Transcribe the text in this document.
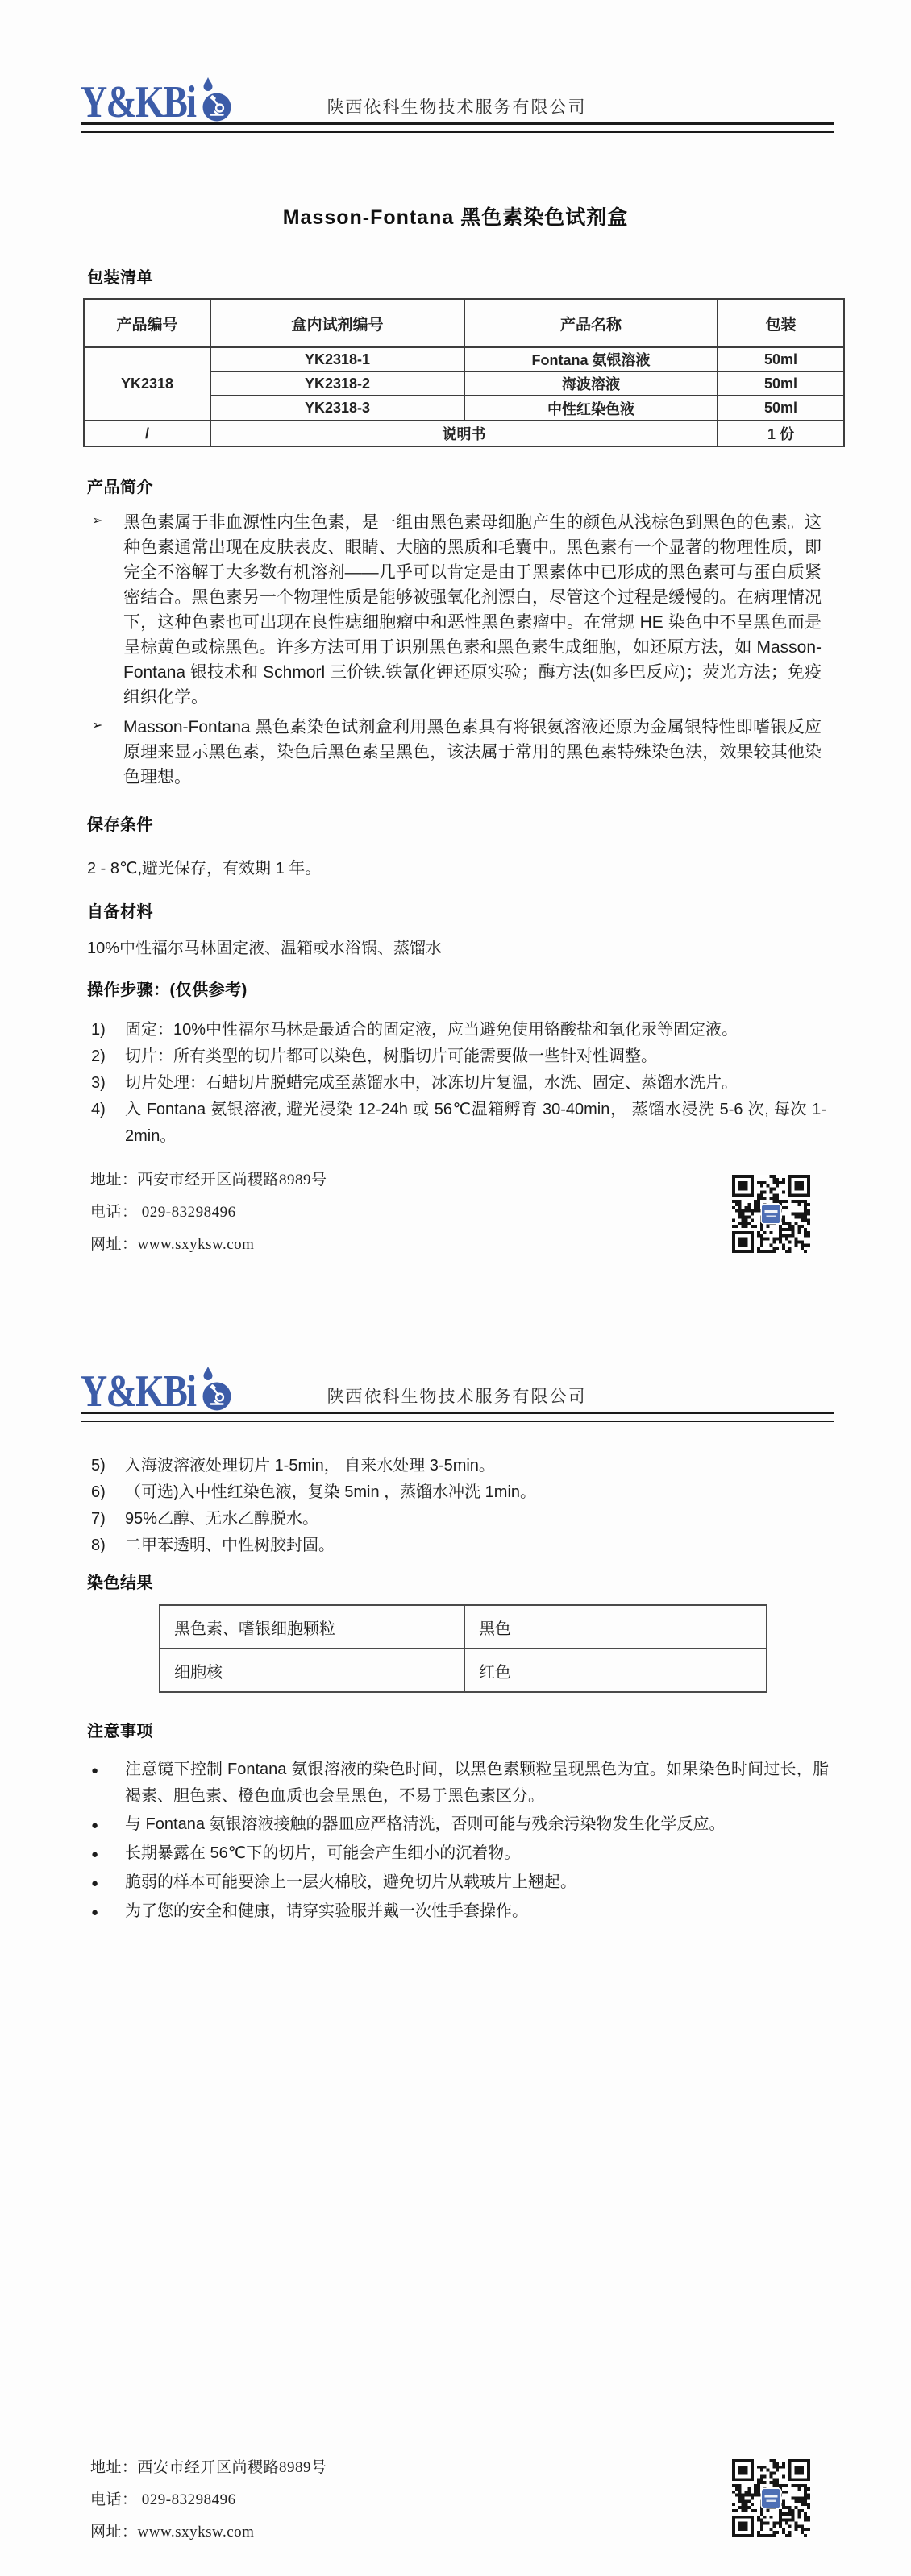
Y&KBi	陕西依科生物技术服务有限公司
Masson-Fontana 黑色素染色试剂盒
包装清单
产品编号	盒内试剂编号	产品名称	包装
YK2318	YK2318-1	Fontana 氨银溶液	50ml
	YK2318-2	海波溶液	50ml
	YK2318-3	中性红染色液	50ml
/	说明书		1 份
产品简介
➢	黑色素属于非血源性内生色素，是一组由黑色素母细胞产生的颜色从浅棕色到黑色的色素。这种色素通常出现在皮肤表皮、眼睛、大脑的黑质和毛囊中。黑色素有一个显著的物理性质，即完全不溶解于大多数有机溶剂——几乎可以肯定是由于黑素体中已形成的黑色素可与蛋白质紧密结合。黑色素另一个物理性质是能够被强氧化剂漂白，尽管这个过程是缓慢的。在病理情况下，这种色素也可出现在良性痣细胞瘤中和恶性黑色素瘤中。在常规 HE 染色中不呈黑色而是呈棕黄色或棕黑色。许多方法可用于识别黑色素和黑色素生成细胞，如还原方法，如 Masson-Fontana 银技术和 Schmorl 三价铁.铁氰化钾还原实验；酶方法(如多巴反应)；荧光方法；免疫组织化学。
➢	Masson-Fontana 黑色素染色试剂盒利用黑色素具有将银氨溶液还原为金属银特性即嗜银反应原理来显示黑色素，染色后黑色素呈黑色，该法属于常用的黑色素特殊染色法，效果较其他染色理想。
保存条件
2 - 8℃,避光保存，有效期 1 年。
自备材料
10%中性福尔马林固定液、温箱或水浴锅、蒸馏水
操作步骤：(仅供参考)
1)	固定：10%中性福尔马林是最适合的固定液，应当避免使用铬酸盐和氧化汞等固定液。
2)	切片：所有类型的切片都可以染色，树脂切片可能需要做一些针对性调整。
3)	切片处理：石蜡切片脱蜡完成至蒸馏水中，冰冻切片复温，水洗、固定、蒸馏水洗片。
4)	入 Fontana 氨银溶液, 避光浸染 12-24h 或 56℃温箱孵育 30-40min， 蒸馏水浸洗 5-6 次, 每次 1-2min。
地址：西安市经开区尚稷路8989号
电话： 029-83298496
网址：www.sxyksw.com
Y&KBi	陕西依科生物技术服务有限公司
5)	入海波溶液处理切片 1-5min， 自来水处理 3-5min。
6)	（可选)入中性红染色液，复染 5min ，蒸馏水冲洗 1min。
7)	95%乙醇、无水乙醇脱水。
8)	二甲苯透明、中性树胶封固。
染色结果
黑色素、嗜银细胞颗粒	黑色
细胞核	红色
注意事项
●	注意镜下控制 Fontana 氨银溶液的染色时间，以黑色素颗粒呈现黑色为宜。如果染色时间过长，脂褐素、胆色素、橙色血质也会呈黑色，不易于黑色素区分。
●	与 Fontana 氨银溶液接触的器皿应严格清洗，否则可能与残余污染物发生化学反应。
●	长期暴露在 56℃下的切片，可能会产生细小的沉着物。
●	脆弱的样本可能要涂上一层火棉胶，避免切片从载玻片上翘起。
●	为了您的安全和健康，请穿实验服并戴一次性手套操作。
地址：西安市经开区尚稷路8989号
电话： 029-83298496
网址：www.sxyksw.com
